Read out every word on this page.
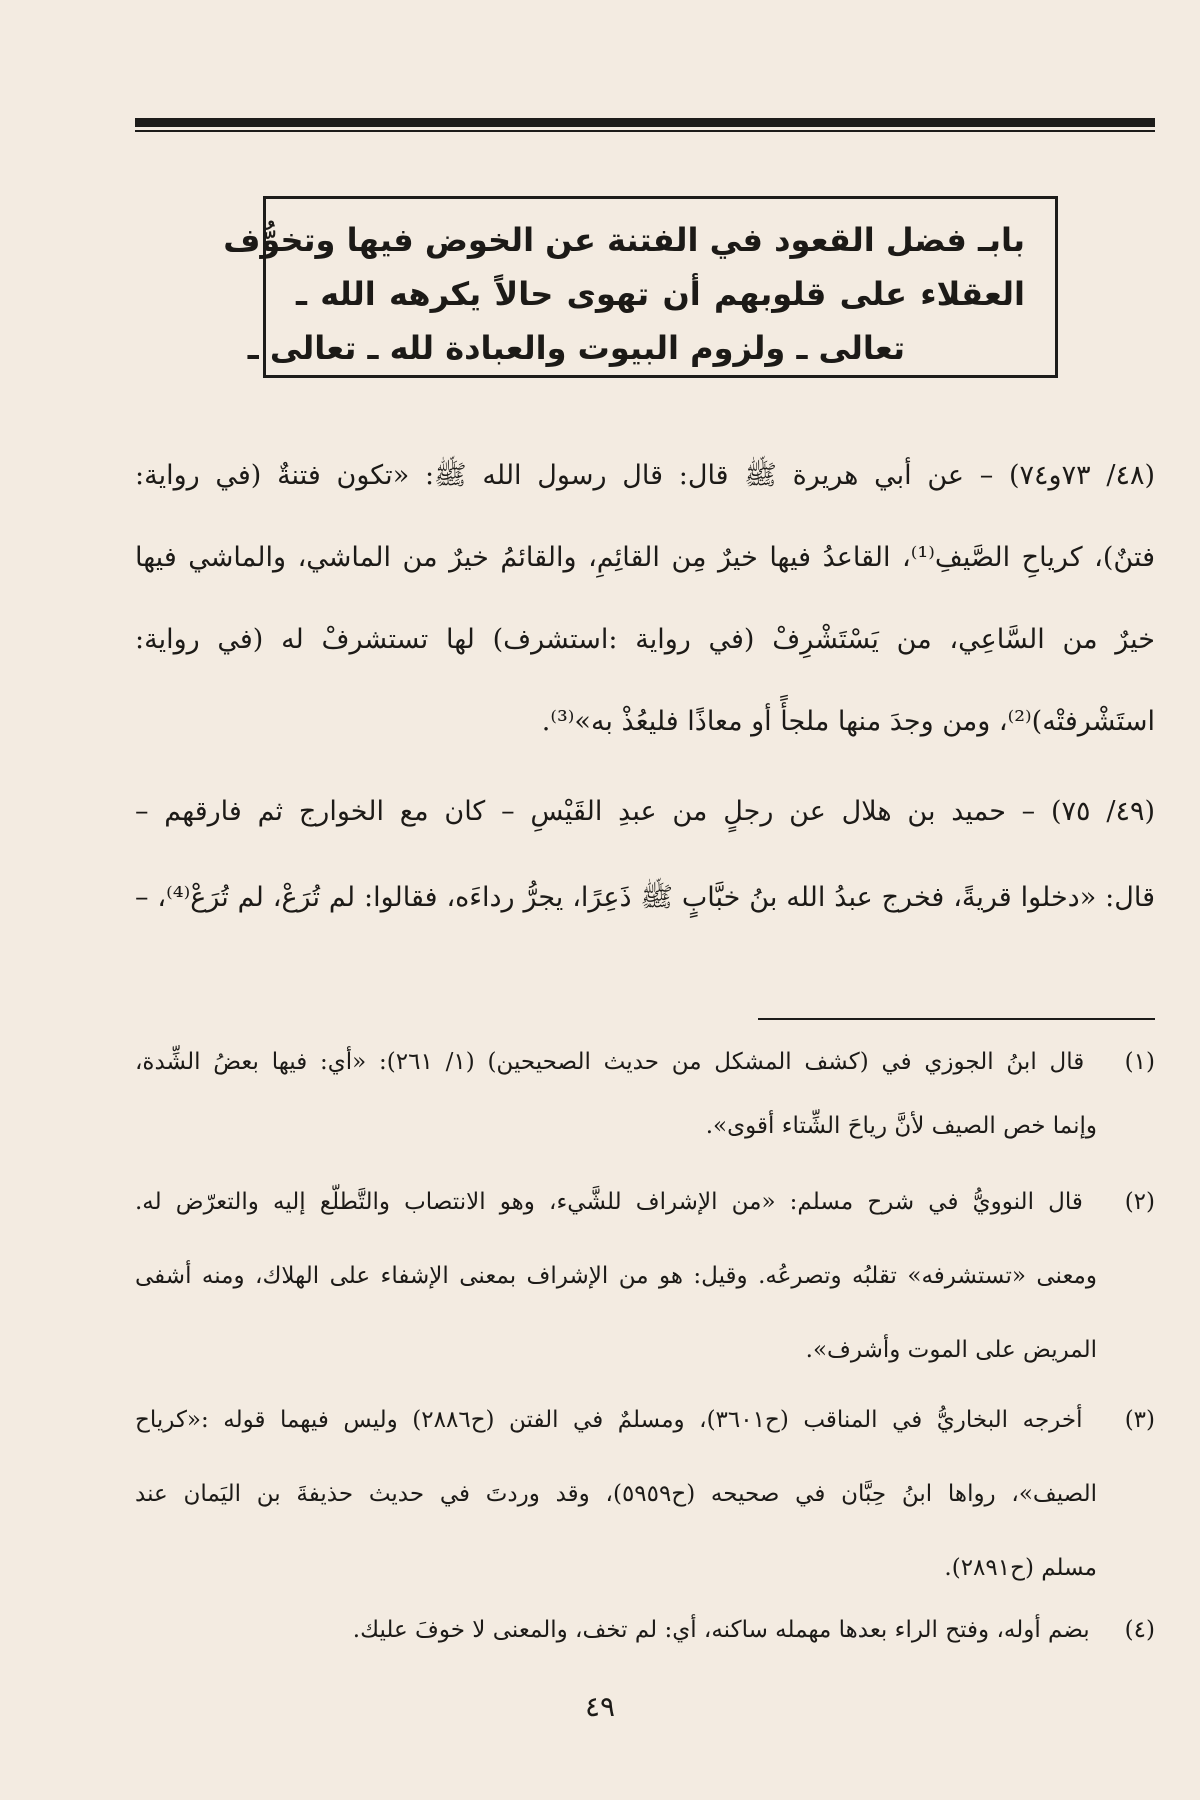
بابـ فضل القعود في الفتنة عن الخوض فيها وتخوُّف
العقلاء على قلوبهم أن تهوى حالاً يكرهه الله ـ
تعالى ـ ولزوم البيوت والعبادة لله ـ تعالى ـ
(٤٨/ ٧٣و٧٤) – عن أبي هريرة ﷺ قال: قال رسول الله ﷺ: «تكون فتنةٌ (في رواية:
فتنٌ)، كرياحِ الصَّيفِ⁽¹⁾، القاعدُ فيها خيرٌ مِن القائِمِ، والقائمُ خيرٌ من الماشي، والماشي فيها
خيرٌ من السَّاعِي، من يَسْتَشْرِفْ (في رواية :استشرف) لها تستشرفْ له (في رواية:
استَشْرفتْه)⁽²⁾، ومن وجدَ منها ملجأً أو معاذًا فليعُذْ به»⁽³⁾.
(٤٩/ ٧٥) – حميد بن هلال عن رجلٍ من عبدِ القَيْسِ – كان مع الخوارج ثم فارقهم –
قال: «دخلوا قريةً، فخرج عبدُ الله بنُ خبَّابٍ ﷺ ذَعِرًا، يجرُّ رداءَه، فقالوا: لم تُرَعْ، لم تُرَعْ⁽⁴⁾، –
(١) قال ابنُ الجوزي في (كشف المشكل من حديث الصحيحين) (١/ ٢٦١): «أي: فيها بعضُ الشِّدة،
وإنما خص الصيف لأنَّ رياحَ الشِّتاء أقوى».
(٢) قال النوويُّ في شرح مسلم: «من الإشراف للشَّيء، وهو الانتصاب والتَّطلّع إليه والتعرّض له.
ومعنى «تستشرفه» تقلبُه وتصرعُه. وقيل: هو من الإشراف بمعنى الإشفاء على الهلاك، ومنه أشفى
المريض على الموت وأشرف».
(٣) أخرجه البخاريُّ في المناقب (ح٣٦٠١)، ومسلمٌ في الفتن (ح٢٨٨٦) وليس فيهما قوله :«كرياح
الصيف»، رواها ابنُ حِبَّان في صحيحه (ح٥٩٥٩)، وقد وردتَ في حديث حذيفةَ بن اليَمان عند
مسلم (ح٢٨٩١).
(٤) بضم أوله، وفتح الراء بعدها مهمله ساكنه، أي: لم تخف، والمعنى لا خوفَ عليك.
٤٩
